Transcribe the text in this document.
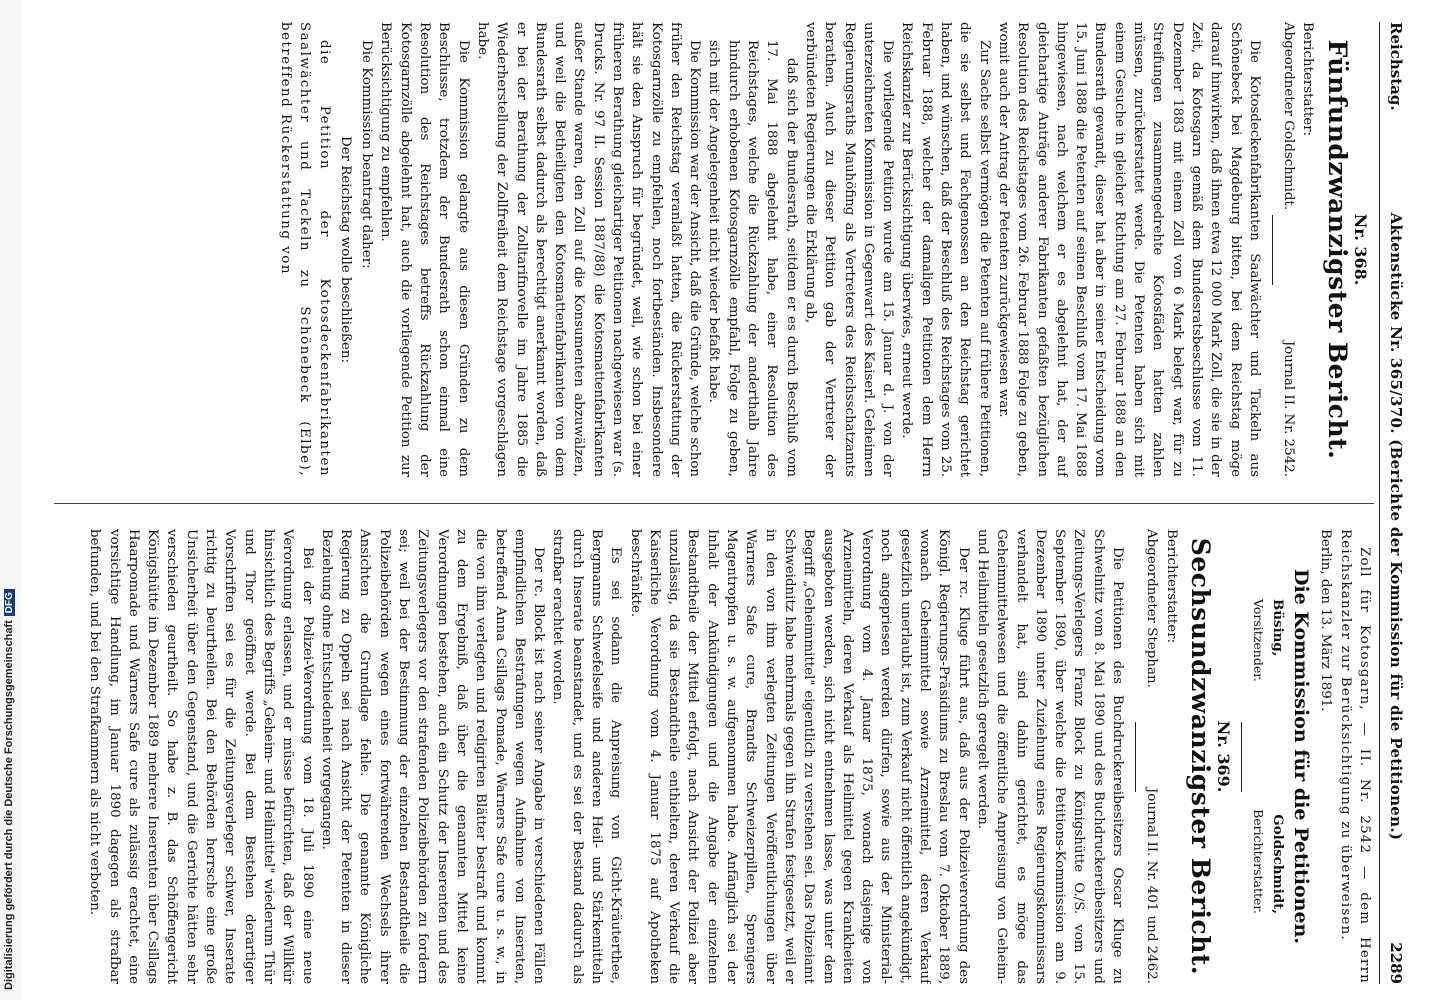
Digitalisierung gefördert durch die Deutsche ForschungsgemeinschaftDFG
Reichstag.
Aktenstücke Nr. 365/370. (Berichte der Kommission für die Petitionen.)
2289
Nr. 368.
Fünfundzwanzigster Bericht.

Berichterstatter:

Abgeordneter Goldschmidt.
Journal II. Nr. 2542.

Die Kotosdeckenfabrikanten Saalwächter und Tackeln aus Schönebeck bei Magdeburg bitten, bei dem Reichstag möge darauf hinwirken, daß ihnen etwa 12 000 Mark Zoll, die sie in der Zeit, da Kotosgarn gemäß dem Bundesratsbeschlusse vom 11. Dezember 1883 mit einem Zoll von 6 Mark belegt war, für zu Streifungen zusammengedrehte Kotosfäden hatten zahlen müssen, zurückerstattet werde. Die Petenten haben sich mit einem Gesuche in gleicher Richtung am 27. Februar 1888 an den Bundesrath gewandt, dieser hat aber in seiner Entscheidung vom 15. Juni 1888 die Petenten auf seinen Beschluß vom 17. Mai 1888 hingewiesen, nach welchem er es abgelehnt hat, der auf gleichartige Anträge anderer Fabrikanten gefaßten bezüglichen Resolution des Reichstages vom 26. Februar 1888 Folge zu geben, womit auch der Antrag der Petenten zurückgewiesen war.

Zur Sache selbst vermögen die Petenten auf frühere Petitionen, die sie selbst und Fachgenossen an den Reichstag gerichtet haben, und wünschen, daß der Beschluß des Reichstages vom 25. Februar 1888, welcher der damaligen Petitionen dem Herrn Reichskanzler zur Berücksichtigung überwies, erneut werde.

Die vorliegende Petition wurde am 15. Januar d. J. von der unterzeichneten Kommission in Gegenwart des Kaiserl. Geheimen Regierungsraths Mauhöfing als Vertreters des Reichsschatzamts berathen. Auch zu dieser Petition gab der Vertreter der verbündeten Regierungen die Erklärung ab,

daß sich der Bundesrath, seitdem er es durch Beschluß vom 17. Mai 1888 abgelehnt habe, einer Resolution des Reichstages, welche die Rückzahlung der anderthalb Jahre hindurch erhobenen Kotosgarnzölle empfahl, Folge zu geben, sich mit der Angelegenheit nicht wieder befaßt habe.

Die Kommission war der Ansicht, daß die Gründe, welche schon früher den Reichstag veranlaßt hatten, die Rückerstattung der Kotosgarnzölle zu empfehlen, noch fortbeständen. Insbesondere hält sie den Anspruch für begründet, weil, wie schon bei einer früheren Berathung gleichartiger Petitionen nachgewiesen war (s. Drucks. Nr. 97 II. Session 1887/88) die Kotosmattenfabrikanten außer Stande waren, den Zoll auf die Konsumenten abzuwälzen, und weil die Betheiligten den Kotosmattenfabrikanten von dem Bundesrath selbst dadurch als berechtigt anerkannt worden, daß er bei der Berathung der Zolltarifnovelle im Jahre 1885 die Wiederherstellung der Zollfreiheit dem Reichstage vorgeschlagen habe.

Die Kommission gelangte aus diesen Gründen zu dem Beschlusse, trotzdem der Bundesrath schon einmal eine Resolution des Reichstages betreffs Rückzahlung der Kotosgarnzölle abgelehnt hat, auch die vorliegende Petition zur Berücksichtigung zu empfehlen.

Die Kommission beantragt daher:

Der Reichstag wolle beschließen:

die Petition der Kotosdeckenfabrikanten Saalwächter und Tackeln zu Schönebeck (Elbe), betreffend Rückerstattung von

Zoll für Kotosgarn, — II. Nr. 2542 — dem Herrn Reichskanzler zur Berücksichtigung zu überweisen.

Berlin, den 13. März 1891.

Die Kommission für die Petitionen.
Büsing,
Goldschmidt,
Vorsitzender.
Berichterstatter.
Nr. 369.
Sechsundzwanzigster Bericht.

Berichterstatter:

Abgeordneter Stephan.
Journal II. Nr. 401 und 2462.

Die Petitionen des Buchdruckereibesitzers Oscar Kluge zu Schwelnitz vom 8. Mai 1890 und des Buchdruckereibesitzers und Zeitungs-Verlegers Franz Block zu Königshütte O./S. vom 15. September 1890, über welche die Petitions-Kommission am 9. Dezember 1890 unter Zuziehung eines Regierungskommissars verhandelt hat, sind dahin gerichtet, es möge das Geheimmittelwesen und die öffentliche Anpreisung von Geheim- und Heilmitteln gesetzlich geregelt werden.

Der rc. Kluge führt aus, daß aus der Polizeiverordnung des Königl. Regierungs-Präsidiums zu Breslau vom 7. Oktober 1889, wonach Geheimmittel sowie Arzneimittel, deren Verkauf gesetzlich unerlaubt ist, zum Verkauf nicht öffentlich angekündigt, noch angepriesen werden dürfen, sowie aus der Ministerial-Verordnung vom 4. Januar 1875, wonach dasjenige von Arzneimitteln, deren Verkauf als Heilmittel gegen Krankheiten ausgeboten werden, sich nicht entnehmen lasse, was unter dem Begriff „Geheimmittel" eigentlich zu verstehen sei. Das Polizeiamt Schweidnitz habe mehrmals gegen ihn Strafen festgesetzt, weil er in den von ihm verlegten Zeitungen Veröffentlichungen über Warners Safe cure, Brandts Schweizerpillen, Sprengers Magentropfen u. s. w. aufgenommen habe. Anfänglich sei der Inhalt der Ankündigungen und die Angabe der einzelnen Bestandtheile der Mittel erfolgt, nach Ansicht der Polizei aber unzulässig, da sie Bestandtheile enthielten, deren Verkauf die Kaiserliche Verordnung vom 4. Januar 1875 auf Apotheken beschränkte.

Es sei sodann die Anpreisung von Gicht-Kräuterthee, Bergmanns Schwefelseife und anderen Heil- und Stärkemitteln durch Inserate beanstandet, und es sei der Bestand dadurch als strafbar erachtet worden.

Der rc. Block ist nach seiner Angabe in verschiedenen Fällen empfindlichen Bestrafungen wegen Aufnahme von Inseraten, betreffend Anna Csillags Pomade, Warners Safe cure u. s. w., in die von ihm verlegten und redigirten Blätter bestraft und kommt zu dem Ergebniß, daß über die genannten Mittel keine Verordnungen bestehen, auch ein Schutz der Inserenten und des Zeitungsverlegers vor den strafenden Polizeibehörden zu fordern sei; weil bei der Bestimmung der einzelnen Bestandtheile die Polizeibehörden wegen eines fortwährenden Wechsels ihrer Ansichten die Grundlage fehle. Die genannte Königliche Regierung zu Oppeln sei nach Ansicht der Petenten in dieser Beziehung ohne Entschiedenheit vorgegangen.

Bei der Polizei-Verordnung vom 18. Juli 1890 eine neue Verordnung erlassen, und er müsse befürchten, daß der Willkür hinsichtlich des Begriffs „Geheim- und Heilmittel" wiederum Thür und Thor geöffnet werde. Bei dem Bestehen derartiger Vorschriften sei es für die Zeitungsverleger schwer, Inserate richtig zu beurtheilen. Bei den Behörden herrsche eine große Unsicherheit über den Gegenstand, und die Gerichte hätten sehr verschieden geurtheilt. So habe z. B. das Schöffengericht Königshütte im Dezember 1889 mehrere Inserenten über Csillags Haarpomade und Warners Safe cure als zulässig erachtet, eine vorsichtige Handlung, im Januar 1890 dagegen als strafbar befunden, und bei den Strafkammern als nicht verboten.
